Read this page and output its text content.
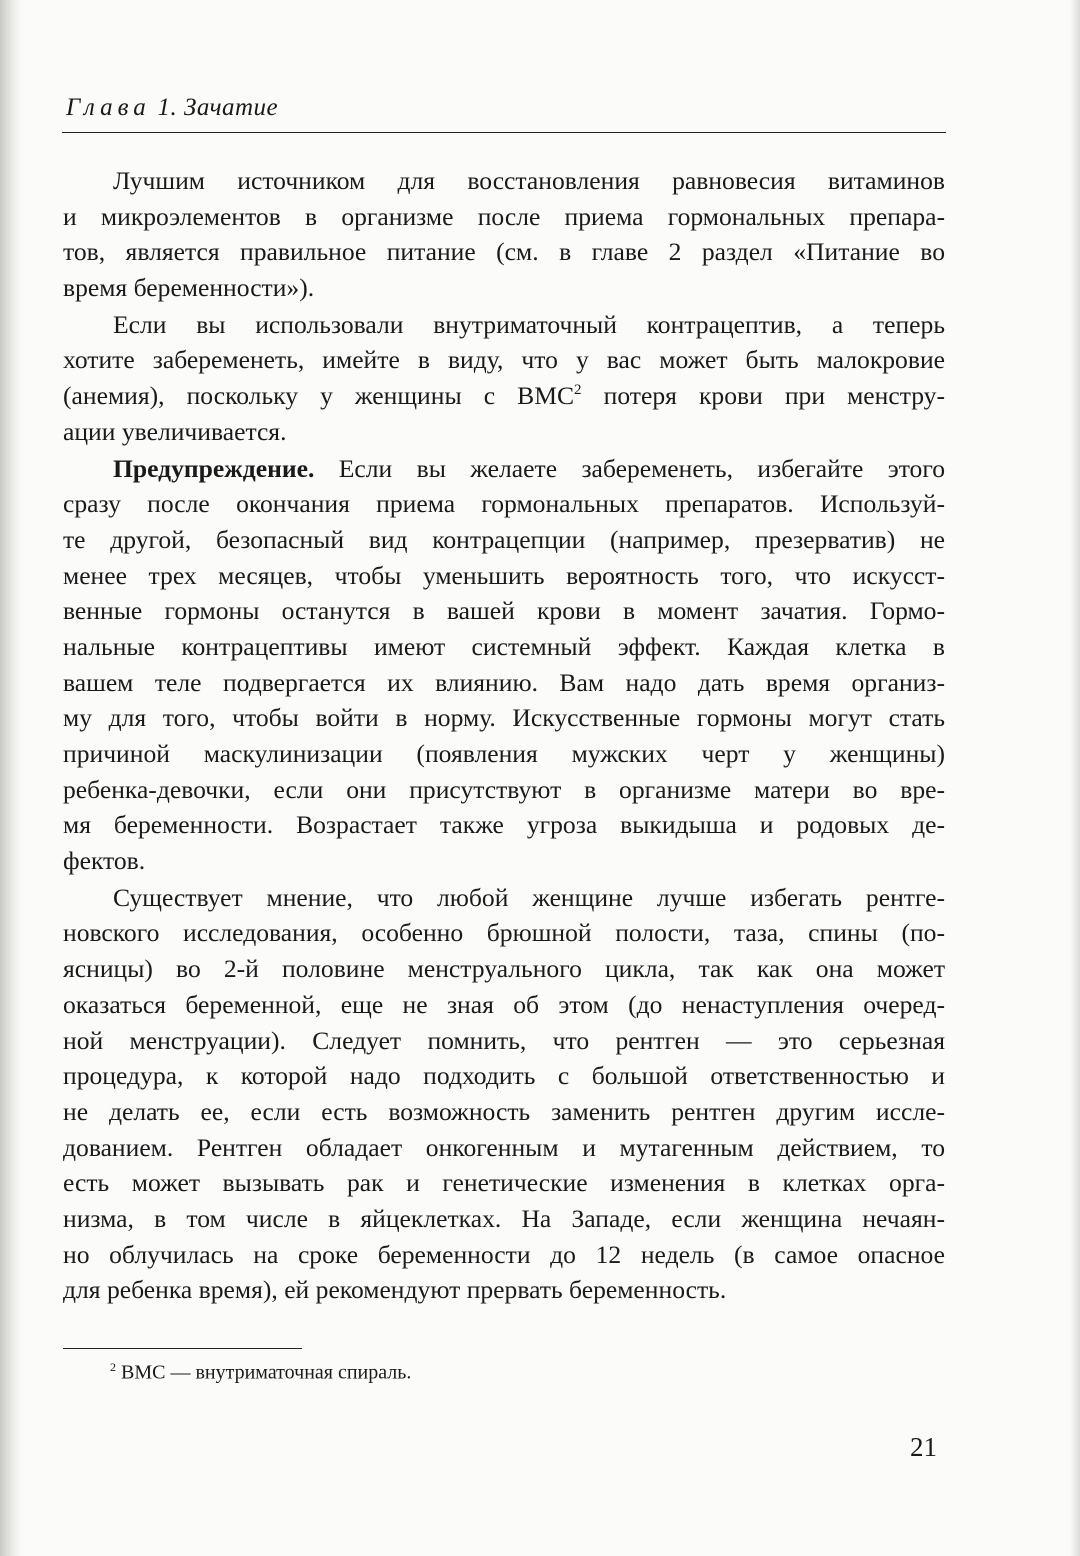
Глава 1. Зачатие
Лучшим источником для восстановления равновесия витаминов
и микроэлементов в организме после приема гормональных препара-
тов, является правильное питание (см. в главе 2 раздел «Питание во
время беременности»).
Если вы использовали внутриматочный контрацептив, а теперь
хотите забеременеть, имейте в виду, что у вас может быть малокровие
(анемия), поскольку у женщины с ВМС$^2$ потеря крови при менстру-
ации увеличивается.
Предупреждение. Если вы желаете забеременеть, избегайте этого
сразу после окончания приема гормональных препаратов. Используй-
те другой, безопасный вид контрацепции (например, презерватив) не
менее трех месяцев, чтобы уменьшить вероятность того, что искусст-
венные гормоны останутся в вашей крови в момент зачатия. Гормо-
нальные контрацептивы имеют системный эффект. Каждая клетка в
вашем теле подвергается их влиянию. Вам надо дать время организ-
му для того, чтобы войти в норму. Искусственные гормоны могут стать
причиной маскулинизации (появления мужских черт у женщины)
ребенка-девочки, если они присутствуют в организме матери во вре-
мя беременности. Возрастает также угроза выкидыша и родовых де-
фектов.
Существует мнение, что любой женщине лучше избегать рентге-
новского исследования, особенно брюшной полости, таза, спины (по-
ясницы) во 2-й половине менструального цикла, так как она может
оказаться беременной, еще не зная об этом (до ненаступления очеред-
ной менструации). Следует помнить, что рентген — это серьезная
процедура, к которой надо подходить с большой ответственностью и
не делать ее, если есть возможность заменить рентген другим иссле-
дованием. Рентген обладает онкогенным и мутагенным действием, то
есть может вызывать рак и генетические изменения в клетках орга-
низма, в том числе в яйцеклетках. На Западе, если женщина нечаян-
но облучилась на сроке беременности до 12 недель (в самое опасное
для ребенка время), ей рекомендуют прервать беременность.
$^2$ ВМС — внутриматочная спираль.
21
